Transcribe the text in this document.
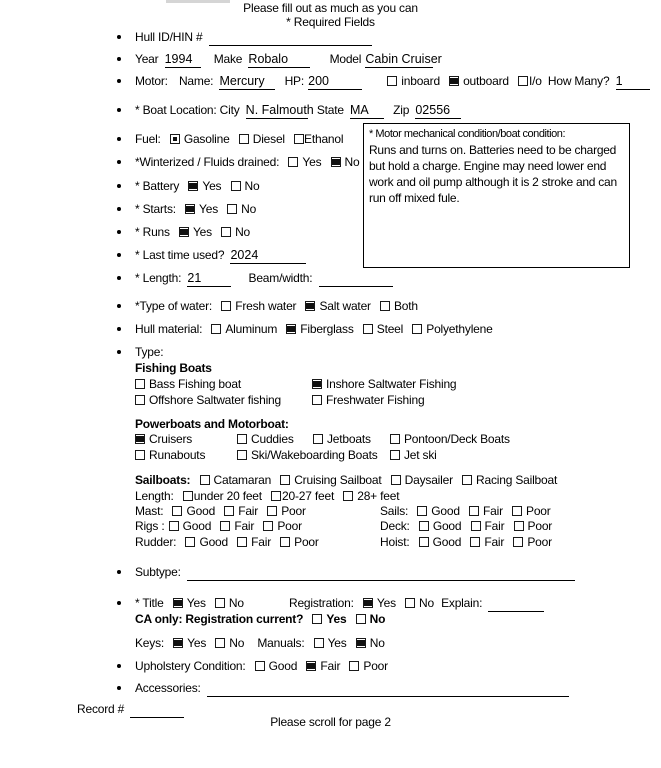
Please fill out as much as you can
* Required Fields
Hull ID/HIN #
Year 1994 Make Robalo	Model Cabin Cruiser
Motor: Name: Mercury HP: 200	inboard outboard I/o How Many? 1
* Boat Location: City N. Falmouth State MA Zip 02556
* Motor mechanical condition/boat condition:
Runs and turns on. Batteries need to be charged but hold a charge. Engine may need lower end work and oil pump although it is 2 stroke and can run off mixed fule.
Fuel: Gasoline Diesel Ethanol
*Winterized / Fluids drained: Yes No
* Battery Yes No
* Starts: Yes No
* Runs Yes No
* Last time used? 2024
* Length: 21	Beam/width:
*Type of water: Fresh water Salt water Both
Hull material: Aluminum Fiberglass Steel Polyethylene
Type:
Fishing Boats
Bass Fishing boat	Inshore Saltwater Fishing
Offshore Saltwater fishing	Freshwater Fishing
Powerboats and Motorboat:
Cruisers	Cuddies	Jetboats	Pontoon/Deck Boats
Runabouts	Ski/Wakeboarding Boats	Jet ski
Sailboats: Catamaran Cruising Sailboat Daysailer Racing Sailboat
Length: under 20 feet 20-27 feet 28+ feet
Mast: Good Fair Poor	Sails: Good Fair Poor
Rigs : Good Fair Poor	Deck: Good Fair Poor
Rudder: Good Fair Poor	Hoist: Good Fair Poor
Subtype:
* Title Yes No	Registration: Yes No Explain:
CA only: Registration current? Yes No
Keys: Yes No Manuals: Yes No
Upholstery Condition: Good Fair Poor
Accessories:
Record #
Please scroll for page 2
